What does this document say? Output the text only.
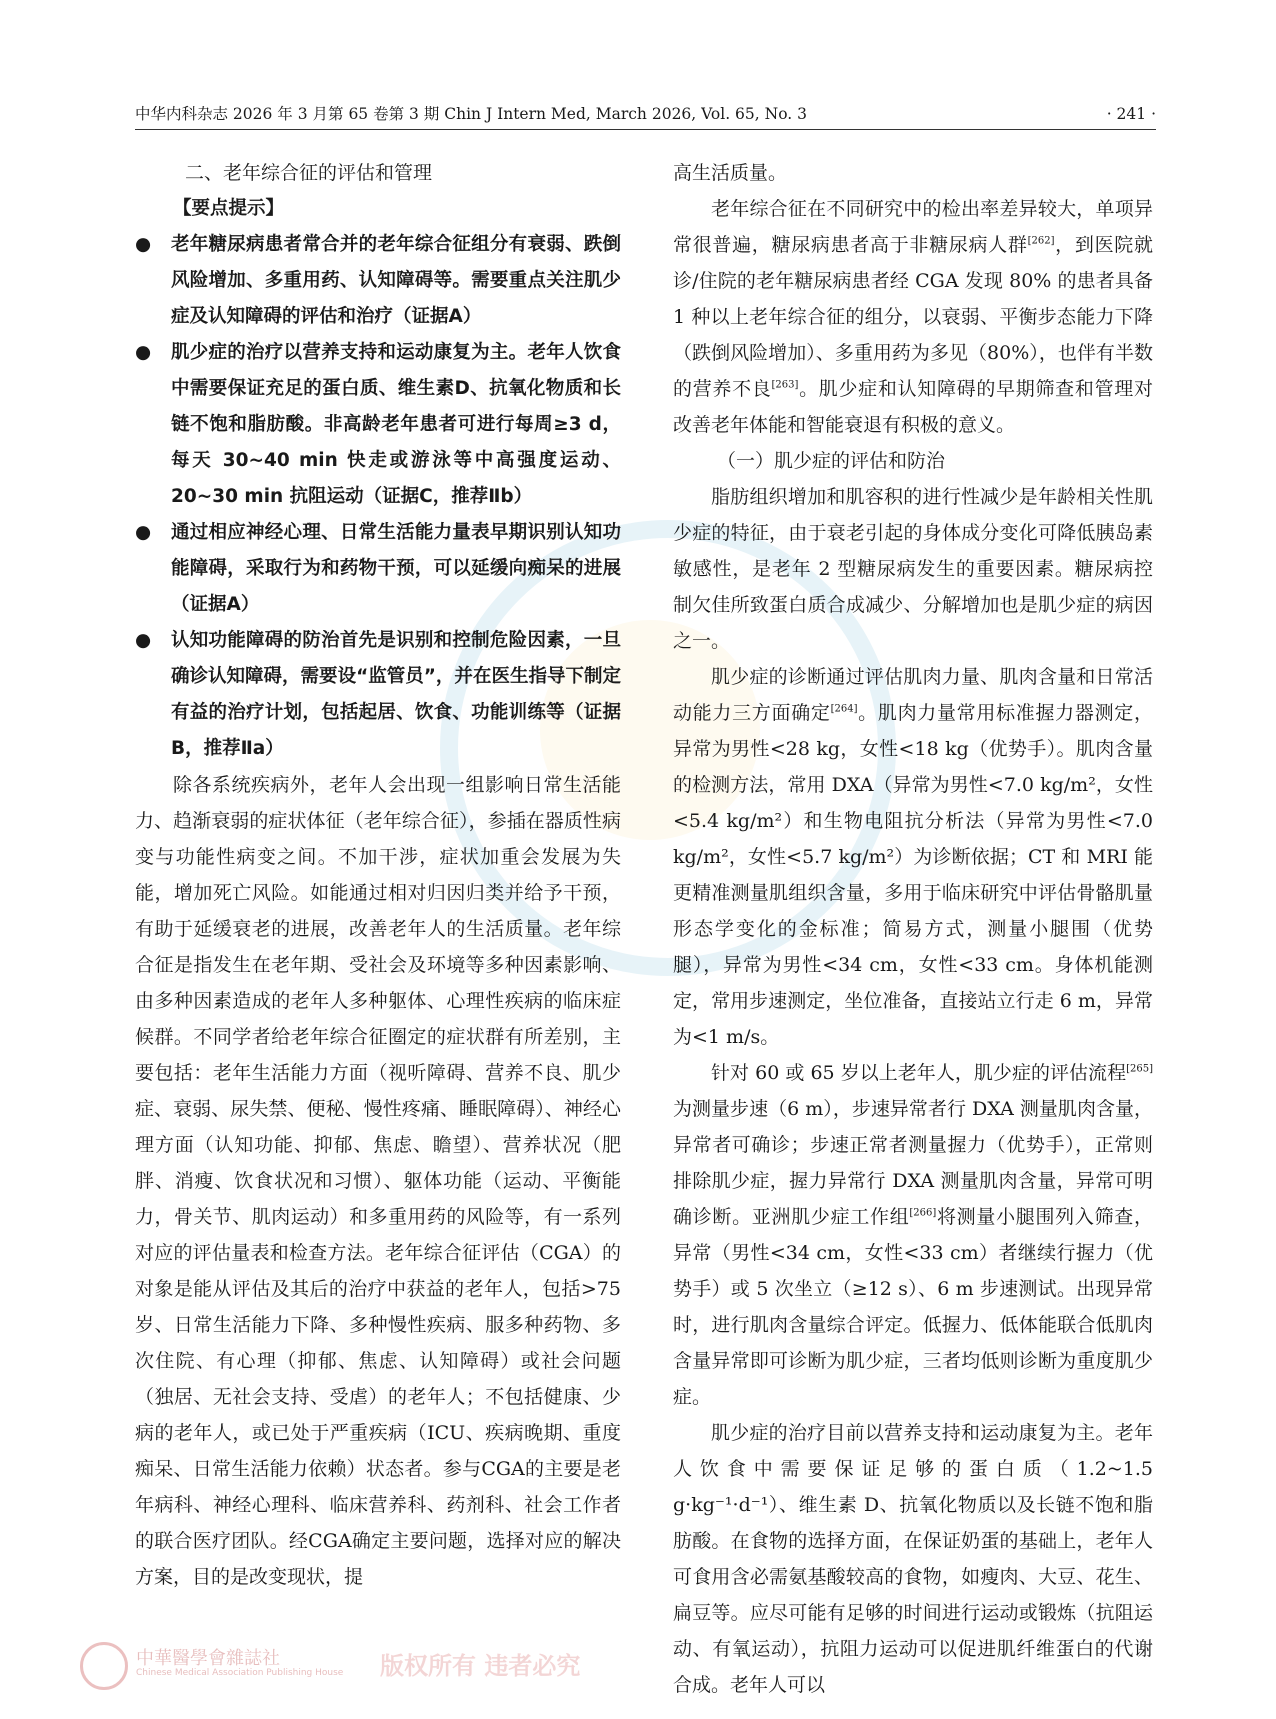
中华内科杂志 2026 年 3 月第 65 卷第 3 期 Chin J Intern Med, March 2026, Vol. 65, No. 3	· 241 ·
二、老年综合征的评估和管理
【要点提示】
● 老年糖尿病患者常合并的老年综合征组分有衰弱、跌倒风险增加、多重用药、认知障碍等。需要重点关注肌少症及认知障碍的评估和治疗（证据A）
● 肌少症的治疗以营养支持和运动康复为主。老年人饮食中需要保证充足的蛋白质、维生素D、抗氧化物质和长链不饱和脂肪酸。非高龄老年患者可进行每周≥3 d，每天 30~40 min 快走或游泳等中高强度运动、20~30 min 抗阻运动（证据C，推荐Ⅱb）
● 通过相应神经心理、日常生活能力量表早期识别认知功能障碍，采取行为和药物干预，可以延缓向痴呆的进展（证据A）
● 认知功能障碍的防治首先是识别和控制危险因素，一旦确诊认知障碍，需要设“监管员”，并在医生指导下制定有益的治疗计划，包括起居、饮食、功能训练等（证据B，推荐Ⅱa）

除各系统疾病外，老年人会出现一组影响日常生活能力、趋渐衰弱的症状体征（老年综合征），参插在器质性病变与功能性病变之间。不加干涉，症状加重会发展为失能，增加死亡风险。如能通过相对归因归类并给予干预，有助于延缓衰老的进展，改善老年人的生活质量。老年综合征是指发生在老年期、受社会及环境等多种因素影响、由多种因素造成的老年人多种躯体、心理性疾病的临床症候群。不同学者给老年综合征圈定的症状群有所差别，主要包括：老年生活能力方面（视听障碍、营养不良、肌少症、衰弱、尿失禁、便秘、慢性疼痛、睡眠障碍）、神经心理方面（认知功能、抑郁、焦虑、瞻望）、营养状况（肥胖、消瘦、饮食状况和习惯）、躯体功能（运动、平衡能力，骨关节、肌肉运动）和多重用药的风险等，有一系列对应的评估量表和检查方法。老年综合征评估（CGA）的对象是能从评估及其后的治疗中获益的老年人，包括>75 岁、日常生活能力下降、多种慢性疾病、服多种药物、多次住院、有心理（抑郁、焦虑、认知障碍）或社会问题（独居、无社会支持、受虐）的老年人；不包括健康、少病的老年人，或已处于严重疾病（ICU、疾病晚期、重度痴呆、日常生活能力依赖）状态者。参与CGA的主要是老年病科、神经心理科、临床营养科、药剂科、社会工作者的联合医疗团队。经CGA确定主要问题，选择对应的解决方案，目的是改变现状，提

高生活质量。

老年综合征在不同研究中的检出率差异较大，单项异常很普遍，糖尿病患者高于非糖尿病人群[262]，到医院就诊/住院的老年糖尿病患者经 CGA 发现 80% 的患者具备 1 种以上老年综合征的组分，以衰弱、平衡步态能力下降（跌倒风险增加）、多重用药为多见（80%），也伴有半数的营养不良[263]。肌少症和认知障碍的早期筛查和管理对改善老年体能和智能衰退有积极的意义。

（一）肌少症的评估和防治

脂肪组织增加和肌容积的进行性减少是年龄相关性肌少症的特征，由于衰老引起的身体成分变化可降低胰岛素敏感性，是老年 2 型糖尿病发生的重要因素。糖尿病控制欠佳所致蛋白质合成减少、分解增加也是肌少症的病因之一。

肌少症的诊断通过评估肌肉力量、肌肉含量和日常活动能力三方面确定[264]。肌肉力量常用标准握力器测定，异常为男性<28 kg，女性<18 kg（优势手）。肌肉含量的检测方法，常用 DXA（异常为男性<7.0 kg/m²，女性<5.4 kg/m²）和生物电阻抗分析法（异常为男性<7.0 kg/m²，女性<5.7 kg/m²）为诊断依据；CT 和 MRI 能更精准测量肌组织含量，多用于临床研究中评估骨骼肌量形态学变化的金标准；简易方式，测量小腿围（优势腿），异常为男性<34 cm，女性<33 cm。身体机能测定，常用步速测定，坐位准备，直接站立行走 6 m，异常为<1 m/s。

针对 60 或 65 岁以上老年人，肌少症的评估流程[265]为测量步速（6 m），步速异常者行 DXA 测量肌肉含量，异常者可确诊；步速正常者测量握力（优势手），正常则排除肌少症，握力异常行 DXA 测量肌肉含量，异常可明确诊断。亚洲肌少症工作组[266]将测量小腿围列入筛查，异常（男性<34 cm，女性<33 cm）者继续行握力（优势手）或 5 次坐立（≥12 s）、6 m 步速测试。出现异常时，进行肌肉含量综合评定。低握力、低体能联合低肌肉含量异常即可诊断为肌少症，三者均低则诊断为重度肌少症。

肌少症的治疗目前以营养支持和运动康复为主。老年人饮食中需要保证足够的蛋白质（1.2~1.5 g·kg⁻¹·d⁻¹）、维生素 D、抗氧化物质以及长链不饱和脂肪酸。在食物的选择方面，在保证奶蛋的基础上，老年人可食用含必需氨基酸较高的食物，如瘦肉、大豆、花生、扁豆等。应尽可能有足够的时间进行运动或锻炼（抗阻运动、有氧运动），抗阻力运动可以促进肌纤维蛋白的代谢合成。老年人可以

中華醫學會雜誌社
Chinese Medical Association Publishing House 版权所有 违者必究
